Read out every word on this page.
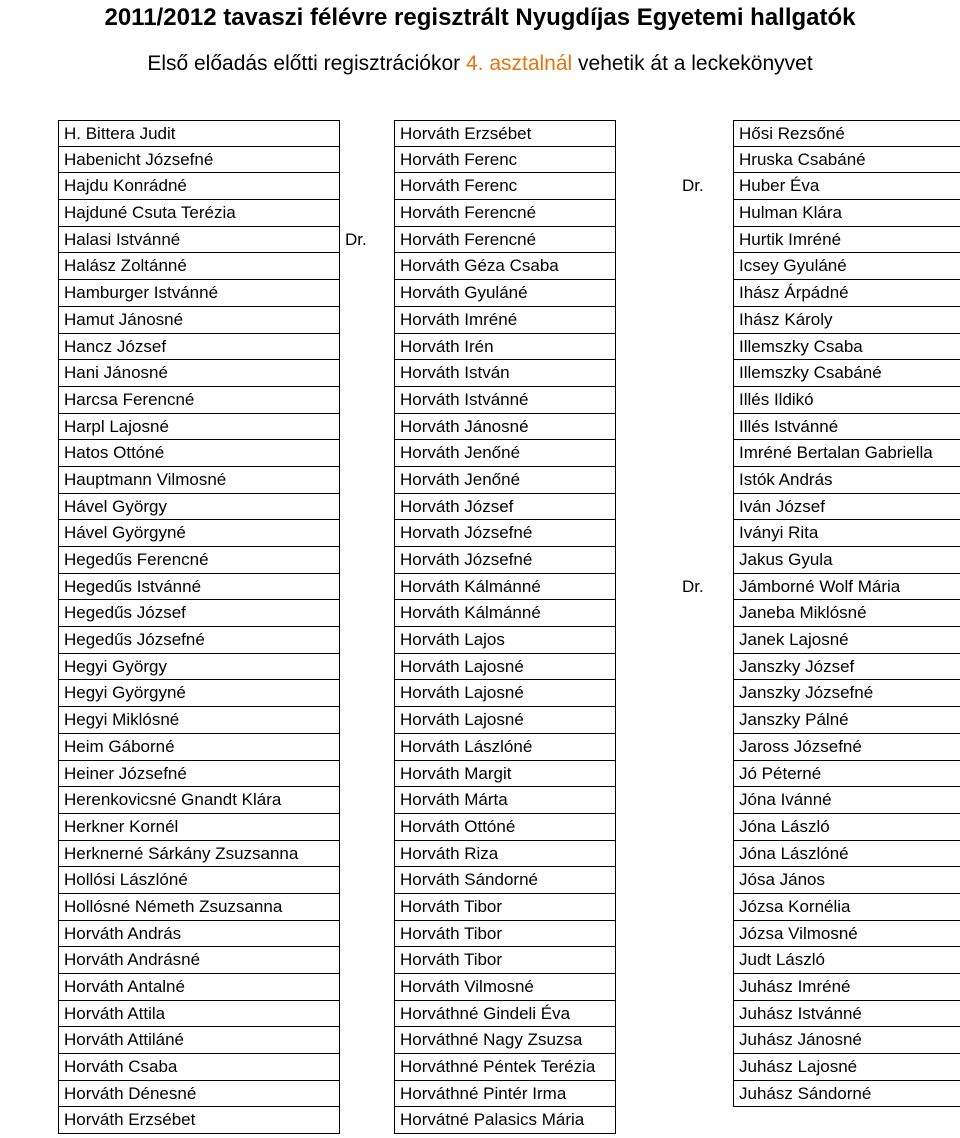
2011/2012 tavaszi félévre regisztrált Nyugdíjas Egyetemi hallgatók
Első előadás előtti regisztrációkor 4. asztalnál vehetik át a leckekönyvet
H. Bittera Judit
Habenicht Józsefné
Hajdu Konrádné
Hajduné Csuta Terézia
Halasi Istvánné
Halász Zoltánné
Hamburger Istvánné
Hamut Jánosné
Hancz József
Hani Jánosné
Harcsa Ferencné
Harpl Lajosné
Hatos Ottóné
Hauptmann Vilmosné
Hável György
Hável Györgyné
Hegedűs Ferencné
Hegedűs Istvánné
Hegedűs József
Hegedűs Józsefné
Hegyi György
Hegyi Györgyné
Hegyi Miklósné
Heim Gáborné
Heiner Józsefné
Herenkovicsné Gnandt Klára
Herkner Kornél
Herknerné Sárkány Zsuzsanna
Hollósi Lászlóné
Hollósné Németh Zsuzsanna
Horváth András
Horváth Andrásné
Horváth Antalné
Horváth Attila
Horváth Attiláné
Horváth Csaba
Horváth Dénesné
Horváth Erzsébet
Dr.
Horváth Erzsébet
Horváth Ferenc
Horváth Ferenc
Horváth Ferencné
Horváth Ferencné
Horváth Géza Csaba
Horváth Gyuláné
Horváth Imréné
Horváth Irén
Horváth István
Horváth Istvánné
Horváth Jánosné
Horváth Jenőné
Horváth Jenőné
Horváth József
Horvath Józsefné
Horváth Józsefné
Horváth Kálmánné
Horváth Kálmánné
Horváth Lajos
Horváth Lajosné
Horváth Lajosné
Horváth Lajosné
Horváth Lászlóné
Horváth Margit
Horváth Márta
Horváth Ottóné
Horváth Riza
Horváth Sándorné
Horváth Tibor
Horváth Tibor
Horváth Tibor
Horváth Vilmosné
Horváthné Gindeli Éva
Horváthné Nagy Zsuzsa
Horváthné Péntek Terézia
Horváthné Pintér Irma
Horvátné Palasics Mária
Dr.
Dr.
Hősi Rezsőné
Hruska Csabáné
Huber Éva
Hulman Klára
Hurtik Imréné
Icsey Gyuláné
Ihász Árpádné
Ihász Károly
Illemszky Csaba
Illemszky Csabáné
Illés Ildikó
Illés Istvánné
Imréné Bertalan Gabriella
Istók András
Iván József
Iványi Rita
Jakus Gyula
Jámborné Wolf Mária
Janeba Miklósné
Janek Lajosné
Janszky József
Janszky Józsefné
Janszky Pálné
Jaross Józsefné
Jó Péterné
Jóna Ivánné
Jóna László
Jóna Lászlóné
Jósa János
Józsa Kornélia
Józsa Vilmosné
Judt László
Juhász Imréné
Juhász Istvánné
Juhász Jánosné
Juhász Lajosné
Juhász Sándorné
